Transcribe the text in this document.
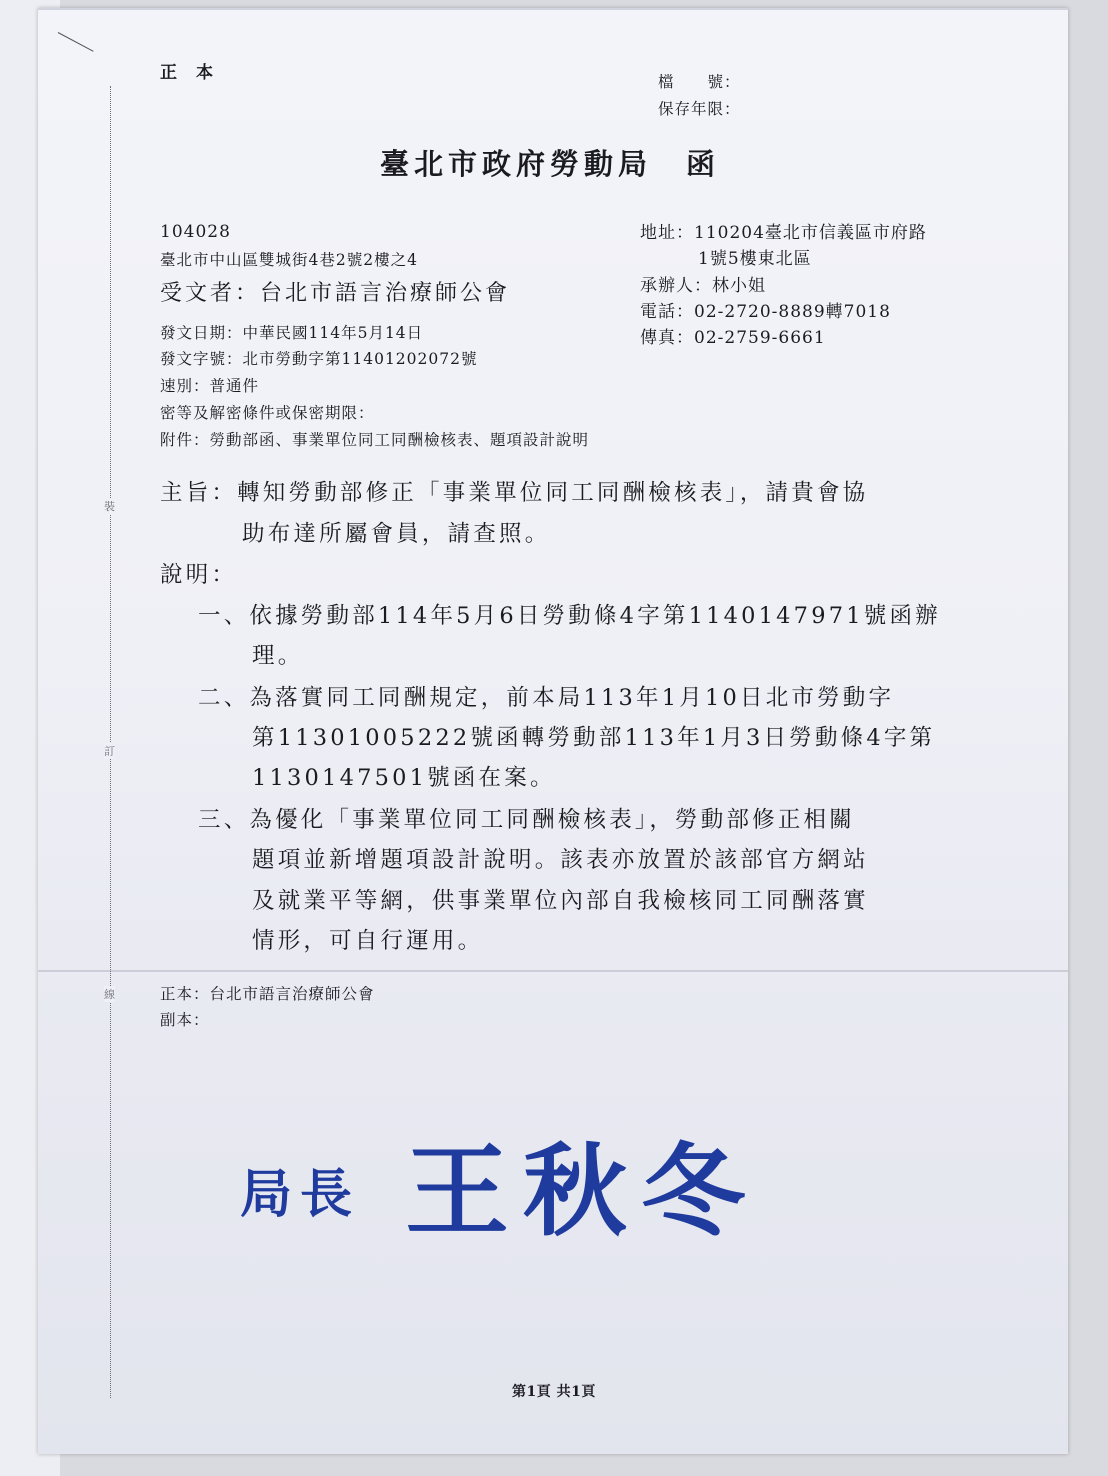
裝
訂
線
正　本	檔　　號：
保存年限：
臺北市政府勞動局　函
104028
臺北市中山區雙城街4巷2號2樓之4
受文者：台北市語言治療師公會
地址：110204臺北市信義區市府路
1號5樓東北區
承辦人：林小姐
電話：02-2720-8889轉7018
傳真：02-2759-6661
發文日期：中華民國114年5月14日
發文字號：北市勞動字第11401202072號
速別：普通件
密等及解密條件或保密期限：
附件：勞動部函、事業單位同工同酬檢核表、題項設計說明
主旨：轉知勞動部修正「事業單位同工同酬檢核表」，請貴會協
助布達所屬會員，請查照。
說明：
一、依據勞動部114年5月6日勞動條4字第1140147971號函辦
理。
二、為落實同工同酬規定，前本局113年1月10日北市勞動字
第11301005222號函轉勞動部113年1月3日勞動條4字第
1130147501號函在案。
三、為優化「事業單位同工同酬檢核表」，勞動部修正相關
題項並新增題項設計說明。該表亦放置於該部官方網站
及就業平等網，供事業單位內部自我檢核同工同酬落實
情形，可自行運用。
正本：台北市語言治療師公會
副本：
局長 王秋冬
第1頁 共1頁
